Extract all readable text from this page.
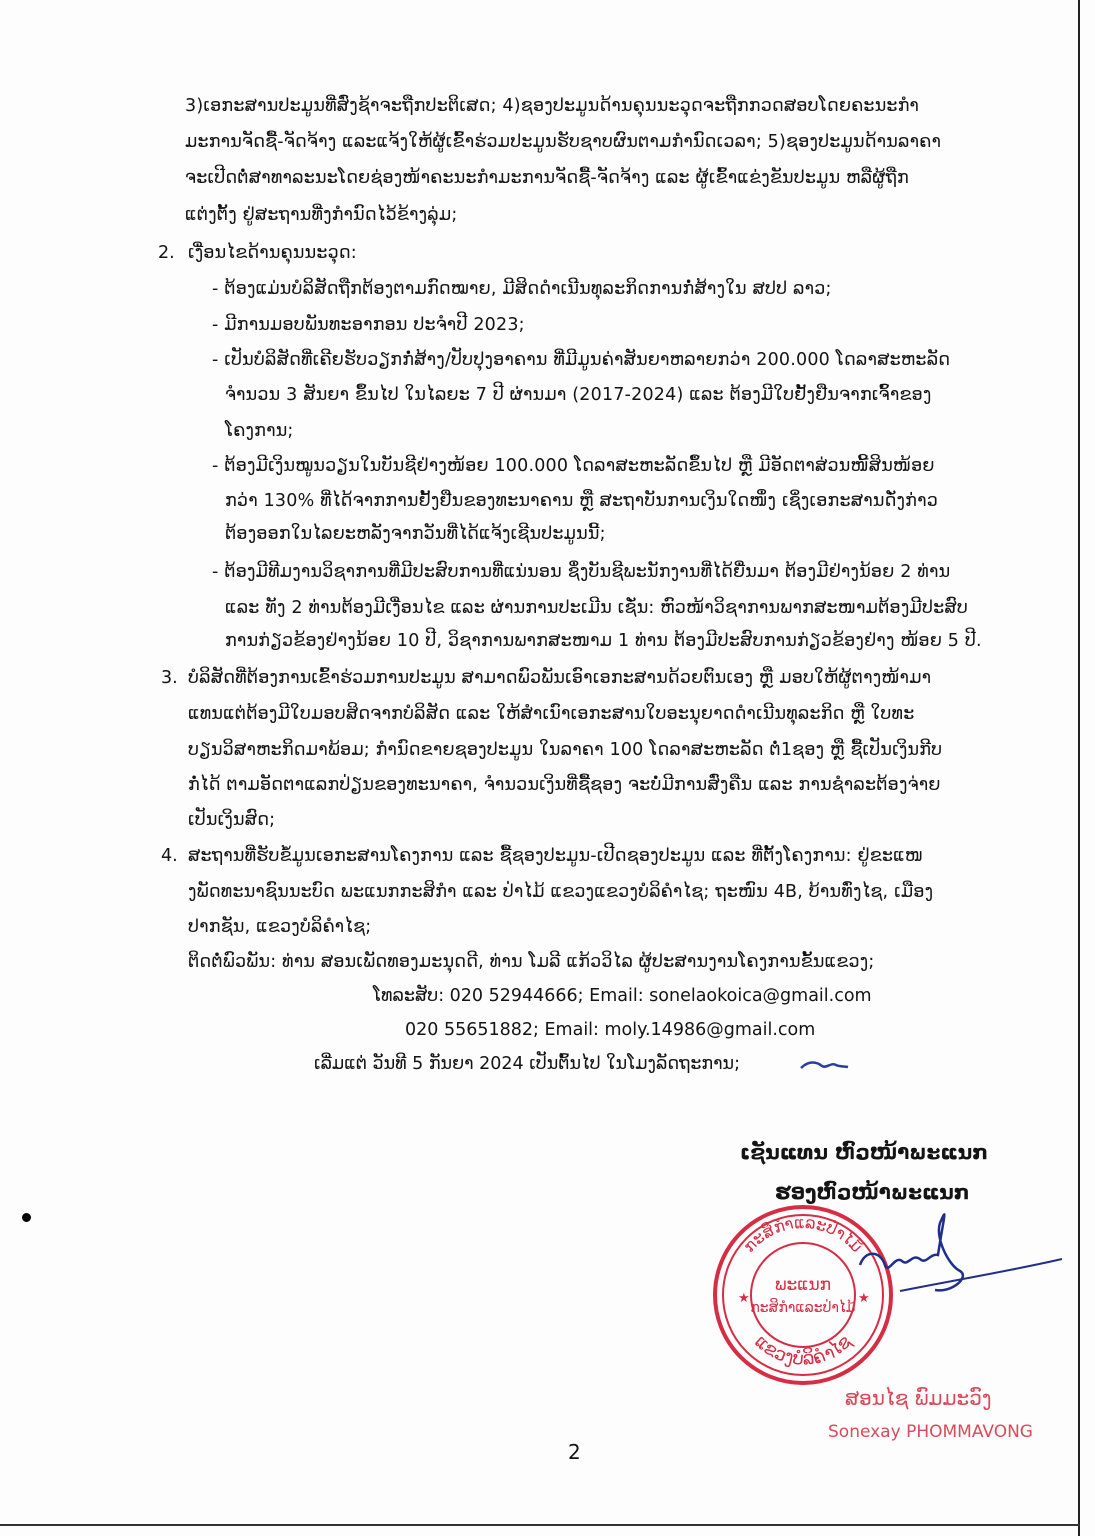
3)ເອກະສານປະມູນທີ່ສົ່ງຊ້າຈະຖືກປະຕິເສດ; 4)ຊອງປະມູນດ້ານຄຸນນະວຸດຈະຖືກກວດສອບໂດຍຄະນະກຳ
ມະການຈັດຊື້-ຈັດຈ້າງ ແລະແຈ້ງໃຫ້ຜູ້ເຂົ້າຮ່ວມປະມູນຮັບຊາບຜົນຕາມກຳນົດເວລາ; 5)ຊອງປະມູນດ້ານລາຄາ
ຈະເປີດຕໍ່ສາທາລະນະໂດຍຊ່ອງໜ້າຄະນະກຳມະການຈັດຊື້-ຈັດຈ້າງ ແລະ ຜູ້ເຂົ້າແຂ່ງຂັນປະມູນ ຫລືຜູ້ຖືກ
ແຕ່ງຕັ້ງ ຢູ່ສະຖານທີ່ງກຳນົດໄວ້ຂ້າງລຸ່ມ;
2. ເງື່ອນໄຂດ້ານຄຸນນະວຸດ:
- ຕ້ອງແມ່ນບໍລິສັດຖືກຕ້ອງຕາມກົດໝາຍ, ມີສິດດຳເນີນທຸລະກິດການກໍ່ສ້າງໃນ ສປປ ລາວ;
- ມີການມອບພັນທະອາກອນ ປະຈຳປີ 2023;
- ເປັນບໍລິສັດທີ່ເຄີຍຮັບວຽກກໍ່ສ້າງ/ປັບປຸງອາຄານ ທີ່ມີມູນຄ່າສັນຍາຫລາຍກວ່າ 200.000 ໂດລາສະຫະລັດ
ຈຳນວນ 3 ສັນຍາ ຂຶ້ນໄປ ໃນໄລຍະ 7 ປີ ຜ່ານມາ (2017-2024) ແລະ ຕ້ອງມີໃບຢັ້ງຢືນຈາກເຈົ້າຂອງ
ໂຄງການ;
- ຕ້ອງມີເງິນໝູນວຽນໃນບັນຊີຢ່າງໜ້ອຍ 100.000 ໂດລາສະຫະລັດຂຶ້ນໄປ ຫຼື ມີອັດຕາສ່ວນໜີ້ສິນໜ້ອຍ
ກວ່າ 130% ທີ່ໄດ້ຈາກການຢັ້ງຢືນຂອງທະນາຄານ ຫຼື ສະຖາບັນການເງິນໃດໜຶ່ງ ເຊິ່ງເອກະສານດັ່ງກ່າວ
ຕ້ອງອອກໃນໄລຍະຫລັງຈາກວັນທີ່ໄດ້ແຈ້ງເຊີນປະມູນນີ້;
- ຕ້ອງມີທີມງານວິຊາການທີ່ມີປະສົບການທີ່ແນ່ນອນ ຊຶ່ງບັນຊີພະນັກງານທີ່ໄດ້ຍື່ນມາ ຕ້ອງມີຢ່າງນ້ອຍ 2 ທ່ານ
ແລະ ທັງ 2 ທ່ານຕ້ອງມີເງື່ອນໄຂ ແລະ ຜ່ານການປະເມີນ ເຊັ່ນ: ຫົວໜ້າວິຊາການພາກສະໜາມຕ້ອງມີປະສົບ
ການກ່ຽວຂ້ອງຢ່າງນ້ອຍ 10 ປີ, ວິຊາການພາກສະໜາມ 1 ທ່ານ ຕ້ອງມີປະສົບການກ່ຽວຂ້ອງຢ່າງ ໜ້ອຍ 5 ປີ.
3. ບໍລິສັດທີ່ຕ້ອງການເຂົ້າຮ່ວມການປະມູນ ສາມາດພົວພັນເອົາເອກະສານດ້ວຍຕົນເອງ ຫຼື ມອບໃຫ້ຜູ້ຕາງໜ້າມາ
ແທນແຕ່ຕ້ອງມີໃບມອບສິດຈາກບໍລິສັດ ແລະ ໃຫ້ສຳເນົາເອກະສານໃບອະນຸຍາດດຳເນີນທຸລະກິດ ຫຼື ໃບທະ
ບຽນວິສາຫະກິດມາພ້ອມ; ກຳນົດຂາຍຊອງປະມູນ ໃນລາຄາ 100 ໂດລາສະຫະລັດ ຕໍ່1ຊອງ ຫຼື ຊື້ເປັນເງິນກີບ
ກໍ່ໄດ້ ຕາມອັດຕາແລກປ່ຽນຂອງທະນາຄາ, ຈຳນວນເງິນທີ່ຊື້ຊອງ ຈະບໍ່ມີການສົ່ງຄືນ ແລະ ການຊຳລະຕ້ອງຈ່າຍ
ເປັນເງິນສົດ;
4. ສະຖານທີ່ຮັບຂໍ້ມູນເອກະສານໂຄງການ ແລະ ຊື້ຊອງປະມູນ-ເປີດຊອງປະມູນ ແລະ ທີ່ຕັ້ງໂຄງການ: ຢູ່ຂະແໜ
ງພັດທະນາຊົນນະບົດ ພະແນກກະສິກຳ ແລະ ປ່າໄມ້ ແຂວງແຂວງບໍລິຄຳໄຊ; ຖະໜົນ 4B, ບ້ານທົ່ງໄຊ, ເມືອງ
ປາກຊັນ, ແຂວງບໍລິຄຳໄຊ;
ຕິດຕໍ່ພົວພັນ: ທ່ານ ສອນເພັດທອງມະນຸດດີ, ທ່ານ ໂມລີ ແກ້ວວິໄລ ຜູ້ປະສານງານໂຄງການຂັ້ນແຂວງ;
ໂທລະສັບ: 020 52944666; Email: sonelaokoica@gmail.com
020 55651882; Email: moly.14986@gmail.com
ເລີ່ມແຕ່ ວັນທີ 5 ກັນຍາ 2024 ເປັນຕົ້ນໄປ ໃນໂມງລັດຖະການ;
ເຊັນແທນ ຫົວໜ້າພະແນກ
ຮອງຫົວໜ້າພະແນກ
ກະສິກຳແລະປ່າໄມ້
ແຂວງບໍລິຄຳໄຊ
ພະແນກ
ກະສິກຳແລະປ່າໄມ້
★	★
ສອນໄຊ ພົມມະວົງ
Sonexay PHOMMAVONG
2
